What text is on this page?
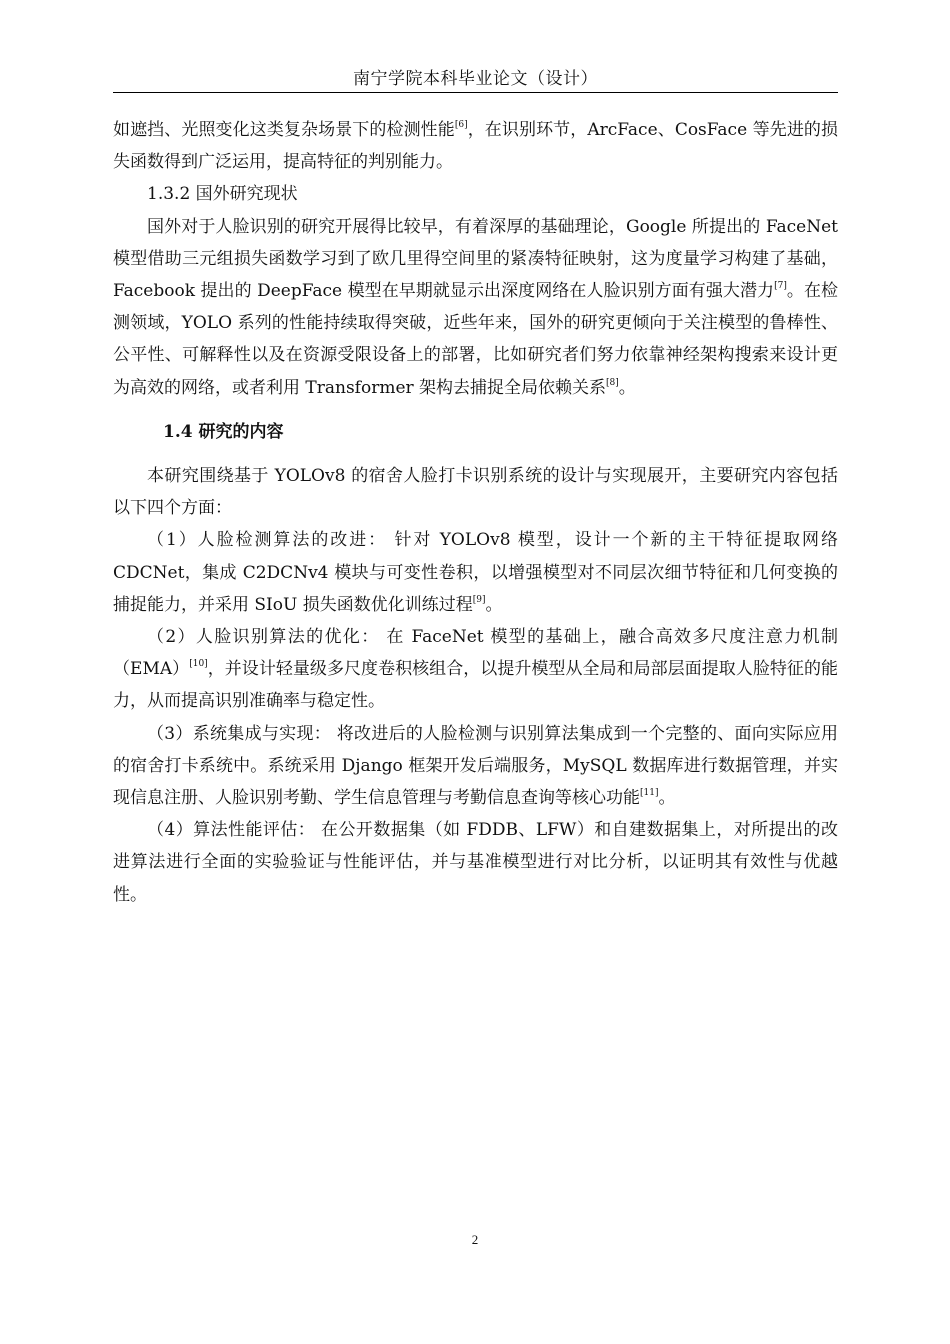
南宁学院本科毕业论文（设计）

如遮挡、光照变化这类复杂场景下的检测性能[6]，在识别环节，ArcFace、CosFace 等先进的损失函数得到广泛运用，提高特征的判别能力。

1.3.2 国外研究现状

国外对于人脸识别的研究开展得比较早，有着深厚的基础理论，Google 所提出的 FaceNet 模型借助三元组损失函数学习到了欧几里得空间里的紧凑特征映射，这为度量学习构建了基础，Facebook 提出的 DeepFace 模型在早期就显示出深度网络在人脸识别方面有强大潜力[7]。在检测领域，YOLO 系列的性能持续取得突破，近些年来，国外的研究更倾向于关注模型的鲁棒性、公平性、可解释性以及在资源受限设备上的部署，比如研究者们努力依靠神经架构搜索来设计更为高效的网络，或者利用 Transformer 架构去捕捉全局依赖关系[8]。

1.4 研究的内容

本研究围绕基于 YOLOv8 的宿舍人脸打卡识别系统的设计与实现展开，主要研究内容包括以下四个方面：

（1）人脸检测算法的改进： 针对 YOLOv8 模型，设计一个新的主干特征提取网络 CDCNet，集成 C2DCNv4 模块与可变性卷积，以增强模型对不同层次细节特征和几何变换的捕捉能力，并采用 SIoU 损失函数优化训练过程[9]。

（2）人脸识别算法的优化： 在 FaceNet 模型的基础上，融合高效多尺度注意力机制（EMA）[10]，并设计轻量级多尺度卷积核组合，以提升模型从全局和局部层面提取人脸特征的能力，从而提高识别准确率与稳定性。

（3）系统集成与实现： 将改进后的人脸检测与识别算法集成到一个完整的、面向实际应用的宿舍打卡系统中。系统采用 Django 框架开发后端服务，MySQL 数据库进行数据管理，并实现信息注册、人脸识别考勤、学生信息管理与考勤信息查询等核心功能[11]。

（4）算法性能评估： 在公开数据集（如 FDDB、LFW）和自建数据集上，对所提出的改进算法进行全面的实验验证与性能评估，并与基准模型进行对比分析，以证明其有效性与优越性。

2
